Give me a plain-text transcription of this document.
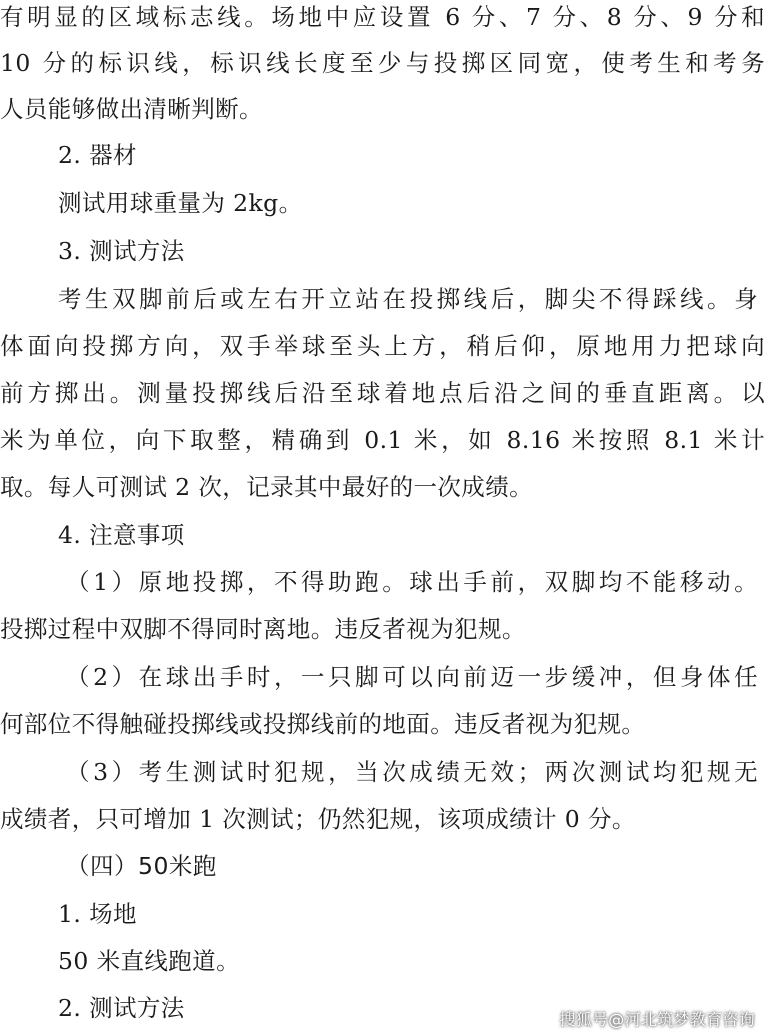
有明显的区域标志线。场地中应设置 6 分、7 分、8 分、9 分和
10 分的标识线，标识线长度至少与投掷区同宽，使考生和考务
人员能够做出清晰判断。
2. 器材
测试用球重量为 2kg。
3. 测试方法
考生双脚前后或左右开立站在投掷线后，脚尖不得踩线。身
体面向投掷方向，双手举球至头上方，稍后仰，原地用力把球向
前方掷出。测量投掷线后沿至球着地点后沿之间的垂直距离。以
米为单位，向下取整，精确到 0.1 米，如 8.16 米按照 8.1 米计
取。每人可测试 2 次，记录其中最好的一次成绩。
4. 注意事项
（1）原地投掷，不得助跑。球出手前，双脚均不能移动。
投掷过程中双脚不得同时离地。违反者视为犯规。
（2）在球出手时，一只脚可以向前迈一步缓冲，但身体任
何部位不得触碰投掷线或投掷线前的地面。违反者视为犯规。
（3）考生测试时犯规，当次成绩无效；两次测试均犯规无
成绩者，只可增加 1 次测试；仍然犯规，该项成绩计 0 分。
（四）50米跑
1. 场地
50 米直线跑道。
2. 测试方法	搜狐号@河北筑梦教育咨询
